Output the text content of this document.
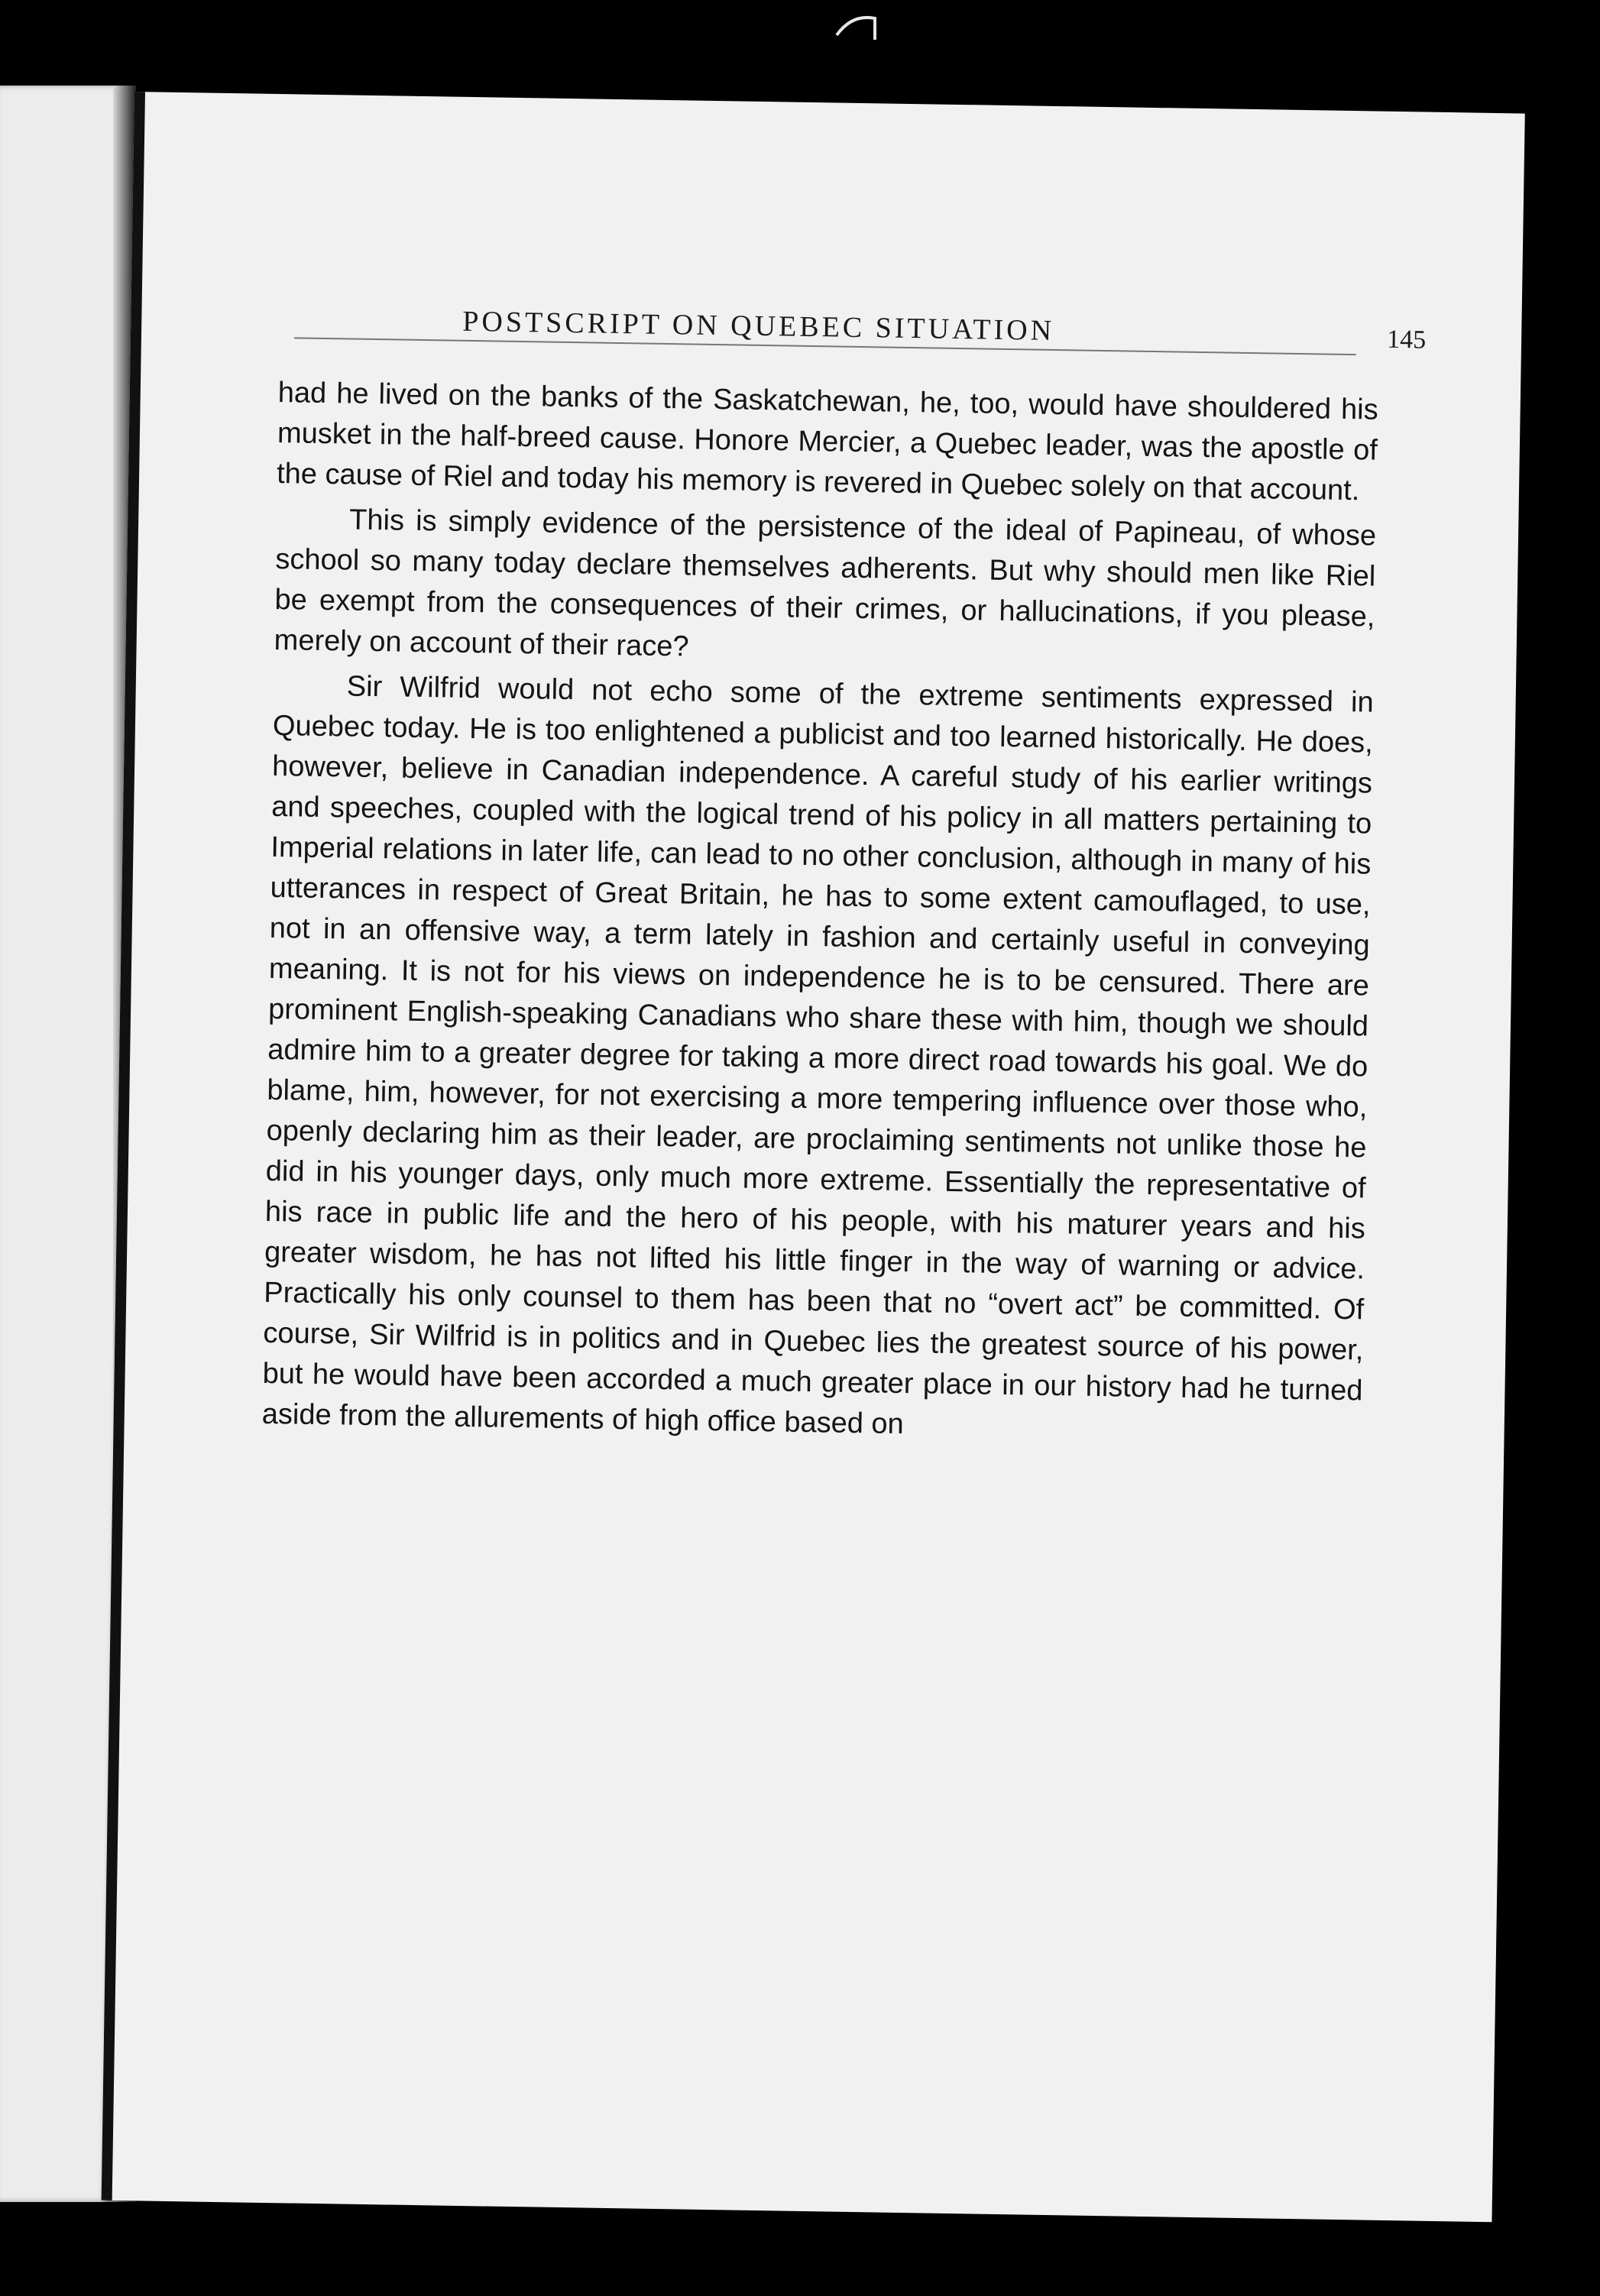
POSTSCRIPT ON QUEBEC SITUATION	145

had he lived on the banks of the Saskatchewan, he, too, would have shouldered his musket in the half-breed cause. Honore Mercier, a Quebec leader, was the apostle of the cause of Riel and today his memory is revered in Quebec solely on that account.

This is simply evidence of the persistence of the ideal of Papineau, of whose school so many today declare themselves adherents. But why should men like Riel be exempt from the consequences of their crimes, or hallucinations, if you please, merely on account of their race?

Sir Wilfrid would not echo some of the extreme sentiments expressed in Quebec today. He is too enlightened a publicist and too learned historically. He does, however, believe in Canadian independence. A careful study of his earlier writings and speeches, coupled with the logical trend of his policy in all matters pertaining to Imperial relations in later life, can lead to no other conclusion, although in many of his utterances in respect of Great Britain, he has to some extent camouflaged, to use, not in an offensive way, a term lately in fashion and certainly useful in conveying meaning. It is not for his views on independence he is to be censured. There are prominent English-speaking Canadians who share these with him, though we should admire him to a greater degree for taking a more direct road towards his goal. We do blame, him, however, for not exercising a more tempering influence over those who, openly declaring him as their leader, are proclaiming sentiments not unlike those he did in his younger days, only much more extreme. Essentially the representative of his race in public life and the hero of his people, with his maturer years and his greater wisdom, he has not lifted his little finger in the way of warning or advice. Practically his only counsel to them has been that no “overt act” be committed. Of course, Sir Wilfrid is in politics and in Quebec lies the greatest source of his power, but he would have been accorded a much greater place in our history had he turned aside from the allurements of high office based on
